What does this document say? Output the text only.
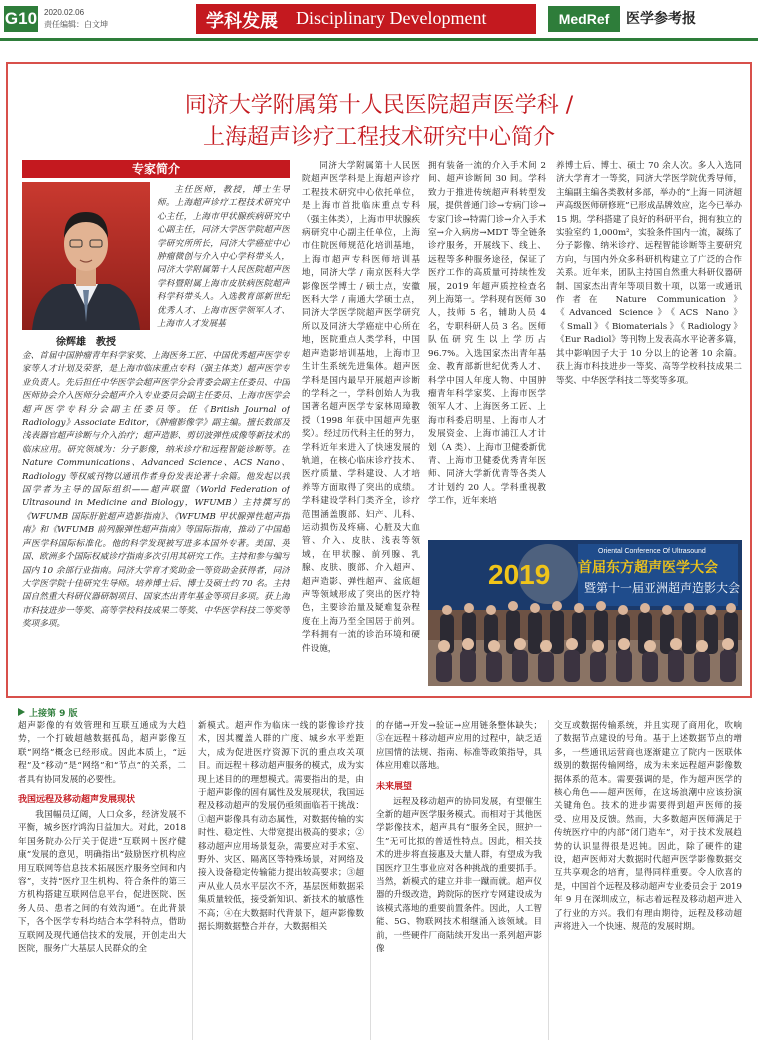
G10 2020.02.06
责任编辑：白文坤	学科发展 Disciplinary Development	MedRef	医学参考报
同济大学附属第十人民医院超声医学科 /
上海超声诊疗工程技术研究中心简介
专家简介
徐辉雄　教授
主任医师，教授，博士生导师。上海超声诊疗工程技术研究中心主任，上海市甲状腺疾病研究中心副主任，同济大学医学院超声医学研究所所长，同济大学癌症中心肿瘤微创与介入中心学科带头人，同济大学附属第十人民医院超声医学科暨附属上海市皮肤病医院超声科学科带头人。入选教育部新世纪优秀人才、上海市医学领军人才、上海市人才发展基
金、首届中国肿瘤青年科学家奖、上海医务工匠、中国优秀超声医学专家等人才计划及荣誉，是上海市临床重点专科（强主体类）超声医学专业负责人。先后担任中华医学会超声医学分会青委会副主任委员、中国医师协会介入医师分会超声介入专业委员会副主任委员、上海市医学会超声医学专科分会副主任委员等。任《British Journal of Radiology》Associate Editor，《肿瘤影像学》副主编。擅长数部及浅表器官超声诊断与介入治疗；超声造影、剪切波弹性成像等新技术的临床应用。研究领域为：分子影像，纳米诊疗和远程智能诊断等。在 Nature Communications、Advanced Science、ACS Nano、Radiology 等权威刊物以通讯作者身份发表论著十余篇。他发起以我国学者为主导的国际组织——超声联盟（World Federation of Ultrasound in Medicine and Biology，WFUMB）主持撰写的《WFUMB 国际肝脏超声造影指南》、《WFUMB 甲状腺弹性超声指南》和《WFUMB 前列腺弹性超声指南》等国际指南，推动了中国超声医学科国际标准化。他的科学发现被写进多本国外专著。美国、英国、欧洲多个国际权威诊疗指南多次引用其研究工作。主持和参与编写国内 10 余部行业指南。同济大学育才奖助金一等资助金获得者，同济大学医学院十佳研究生导师。培养博士后、博士及硕士约 70 名。主持国自然重大科研仪器研制项目、国家杰出青年基金等项目多项。获上海市科技进步一等奖、高等学校科技成果二等奖、中华医学科技二等奖等奖项多项。
同济大学附属第十人民医院超声医学科是上海超声诊疗工程技术研究中心依托单位，是上海市首批临床重点专科（强主体类），上海市甲状腺疾病研究中心副主任单位，上海市住院医师规范化培训基地，上海市超声专科医师培训基地，同济大学 / 南京医科大学影像医学博士 / 硕士点，安徽医科大学 / 南通大学硕士点，同济大学医学院超声医学研究所以及同济大学癌症中心所在地，医院重点人类学科，中国超声造影培训基地，上海市卫生计生系统先进集体。超声医学科是国内最早开展超声诊断的学科之一，学科创始人为我国著名超声医学专家林周璋教授（1998 年获中国超声先驱奖）。经过历代科主任的努力，学科近年来进入了快速发展的轨道，在核心临床诊疗技术、医疗质量、学科建设、人才培养等方面取得了突出的成绩。学科建设学科门类齐全，诊疗范围涵盖腹部、妇产、儿科、运动损伤及疼痛、心脏及大血管、介入、皮肤、浅表等领域，在甲状腺、前列腺、乳腺、皮肤、腹部、介入超声、超声造影、弹性超声、盆底超声等领域形成了突出的医疗特色，主要诊治量及疑难复杂程度在上海乃至全国居于前列。学科拥有一流的诊治环境和硬件设施，
拥有装备一流的介入手术间 2 间、超声诊断间 30 间。学科致力于推进传统超声科转型发展，提供普通门诊→专病门诊→专家门诊→特需门诊→介入手术室→介入病房→MDT 等全链条诊疗服务，开展线下、线上、远程等多种服务途径，保证了医疗工作的高质量可持续性发展，2019 年超声质控检查名列上海第一。学科现有医师 30 人，技师 5 名，辅助人员 4 名，专职科研人员 3 名。医师队伍研究生以上学历占 96.7%。入选国家杰出青年基金、教育部新世纪优秀人才、科学中国人年度人物、中国肿瘤青年科学家奖、上海市医学领军人才、上海医务工匠、上海市科委启明星、上海市人才发展资金、上海市浦江人才计划（A 类）、上海市卫健委新优青、上海市卫健委优秀青年医师、同济大学新优青等各类人才计划约 20 人。学科重视教学工作，近年来培
养博士后、博士、硕士 70 余人次。多人入选同济大学育才一等奖，同济大学医学院优秀导师，主编副主编各类教材多部，举办的“上海－同济超声高级医师研修班”已形成品牌效应，迄今已举办 15 期。学科搭建了良好的科研平台，拥有独立的实验室约 1,000m²，实验条件国内一流，凝练了分子影像、纳米诊疗、远程智能诊断等主要研究方向，与国内外众多科研机构建立了广泛的合作关系。近年来，团队主持国自然重大科研仪器研制、国家杰出青年等项目数十项，以第一或通讯作者在 Nature Communication》《Advanced Science》《ACS Nano》《Small》《Biomaterials》《Radiology》《Eur Radiol》等刊物上发表高水平论著多篇，其中影响因子大于 10 分以上的论著 10 余篇。获上海市科技进步一等奖、高等学校科技成果二等奖、中华医学科技二等奖等多项。
Oriental Conference Of Ultrasound
2019 首届东方超声医学大会
暨第十一届亚洲超声造影大会
上接第 9 版
超声影像的有效管理和互联互通成为大趋势，一个打破超越数据孤岛，超声影像互联“网络”概念已经形成。因此本质上，“远程”及“移动”是“网络”和“节点”的关系，二者具有协同发展的必要性。
我国远程及移动超声发展现状
我国幅员辽阔，人口众多，经济发展不平衡，城乡医疗鸿沟日益加大。对此，2018 年国务院办公厅关于促进“互联网＋医疗健康”发展的意见，明确指出“鼓励医疗机构应用互联网等信息技术拓展医疗服务空间和内容”，支持“医疗卫生机构、符合条件的第三方机构搭建互联网信息平台，促进医院、医务人员、患者之间的有效沟通”。在此背景下，各个医学专科均结合本学科特点，借助互联网及现代通信技术的发展，开创走出大医院，服务广大基层人民群众的全
新模式。超声作为临床一线的影像诊疗技术，因其覆盖人群的广度、城乡水平差距大，成为促进医疗资源下沉的重点攻关项目。而远程＋移动超声服务的模式，成为实现上述目的的理想模式。需要指出的是，由于超声影像的固有属性及发展现状，我国远程及移动超声的发展仍亟须面临若干挑战：①超声影像具有动态属性，对数据传输的实时性、稳定性、大带宽提出极高的要求；②移动超声应用场景复杂，需要应对手术室、野外、灾区、隔离区等特殊场景，对网络及接入设备稳定传输能力提出较高要求；③超声从业人员水平层次不齐，基层医师数据采集质量较低，接受新知识、新技术的敏感性不高；④在大数据时代背景下，超声影像数据长期数据整合并存，大数据相关
的存储→开发→验证→应用链条整体缺失；⑤在远程＋移动超声应用的过程中，缺乏适应国情的法规、指南、标准等政策指导，具体应用难以落地。
未来展望
远程及移动超声的协同发展，有望催生全新的超声医学服务模式。而相对于其他医学影像技术，超声具有“服务全民，照护一生”无可比拟的普适性特点。因此，相关技术的进步将直接惠及大量人群，有望成为我国医疗卫生事业应对各种挑战的重要抓手。当然，新模式的建立并非一蹴而就。超声仪器的升级改造，跨院际的医疗专网建设成为该模式落地的重要前置条件。因此，人工智能、5G、物联网技术相继涌入该领域。目前，一些硬件厂商陆续开发出一系列超声影像
交互或数据传输系统，并且实现了商用化，吹响了数据节点建设的号角。基于上述数据节点的增多，一些通讯运营商也逐渐建立了院内－医联体级别的数据传输网络，成为未来远程超声影像数据体系的范本。需要强调的是，作为超声医学的核心角色——超声医师，在这场浪潮中应该扮演关键角色。技术的进步需要得到超声医师的接受、应用及反馈。然而，大多数超声医师满足于传统医疗中的内部“闭门造车”，对于技术发展趋势的认识显得很是迟钝。因此，除了硬件的建设，超声医师对大数据时代超声医学影像数据交互共享观念的培育，显得同样重要。令人欣喜的是，中国首个远程及移动超声专业委员会于 2019 年 9 月在深圳成立，标志着远程及移动超声进入了行业的方兴。我们有理由期待，远程及移动超声将进入一个快速、规范的发展时期。
